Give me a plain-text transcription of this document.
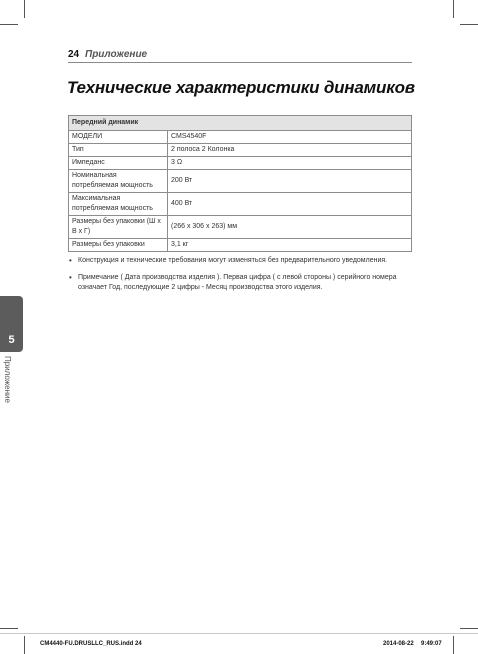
24 Приложение
Технические характеристики динамиков
Передний динамик	
МОДЕЛИ	CMS4540F
Тип	2 полоса 2 Колонка
Импеданс	3 Ω
Номинальная потребляемая мощность	200 Вт
Максимальная потребляемая мощность	400 Вт
Размеры без упаковки (Ш x В x Г)	(266 x 306 x 263) мм
Размеры без упаковки	3,1 кг
• Конструкция и технические требования могут изменяться без предварительного уведомления.
• Примечание ( Дата производства изделия ). Первая цифра ( с левой стороны ) серийного номера означает Год, последующие 2 цифры - Месяц производства этого изделия.
5
Приложение
CM4440-FU.DRUSLLC_RUS.indd 24	2014-08-22 9:49:07
